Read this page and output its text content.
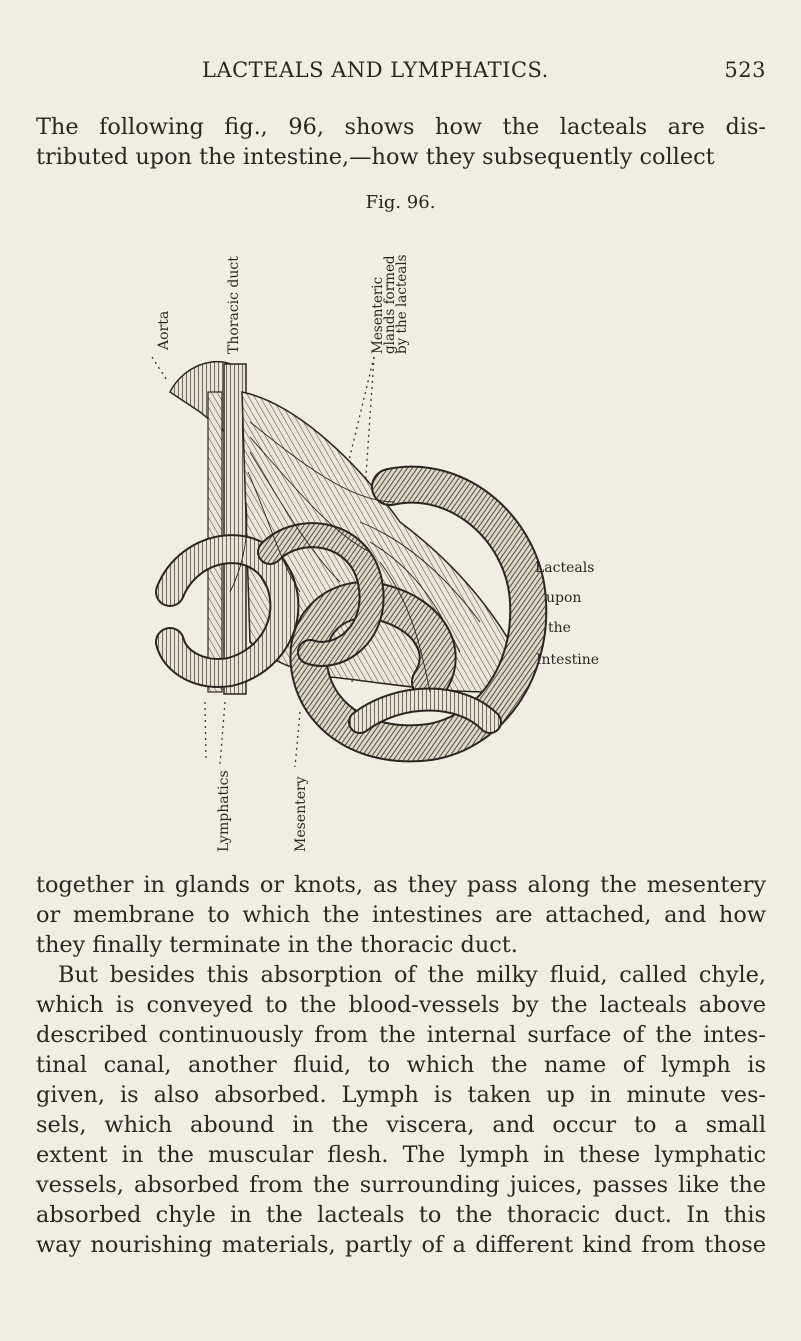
LACTEALS AND LYMPHATICS.	523
The following fig., 96, shows how the lacteals are dis-
tributed upon the intestine,—how they subsequently collect
Fig. 96.
Aorta	Thoracic duct	Mesenteric
glands formed
by the lacteals
Lacteals
upon
the
Intestine
Lymphatics	Mesentery
together in glands or knots, as they pass along the mesentery
or membrane to which the intestines are attached, and how
they finally terminate in the thoracic duct.
But besides this absorption of the milky fluid, called chyle,
which is conveyed to the blood-vessels by the lacteals above
described continuously from the internal surface of the intes-
tinal canal, another fluid, to which the name of lymph is
given, is also absorbed. Lymph is taken up in minute ves-
sels, which abound in the viscera, and occur to a small
extent in the muscular flesh. The lymph in these lymphatic
vessels, absorbed from the surrounding juices, passes like the
absorbed chyle in the lacteals to the thoracic duct. In this
way nourishing materials, partly of a different kind from those
